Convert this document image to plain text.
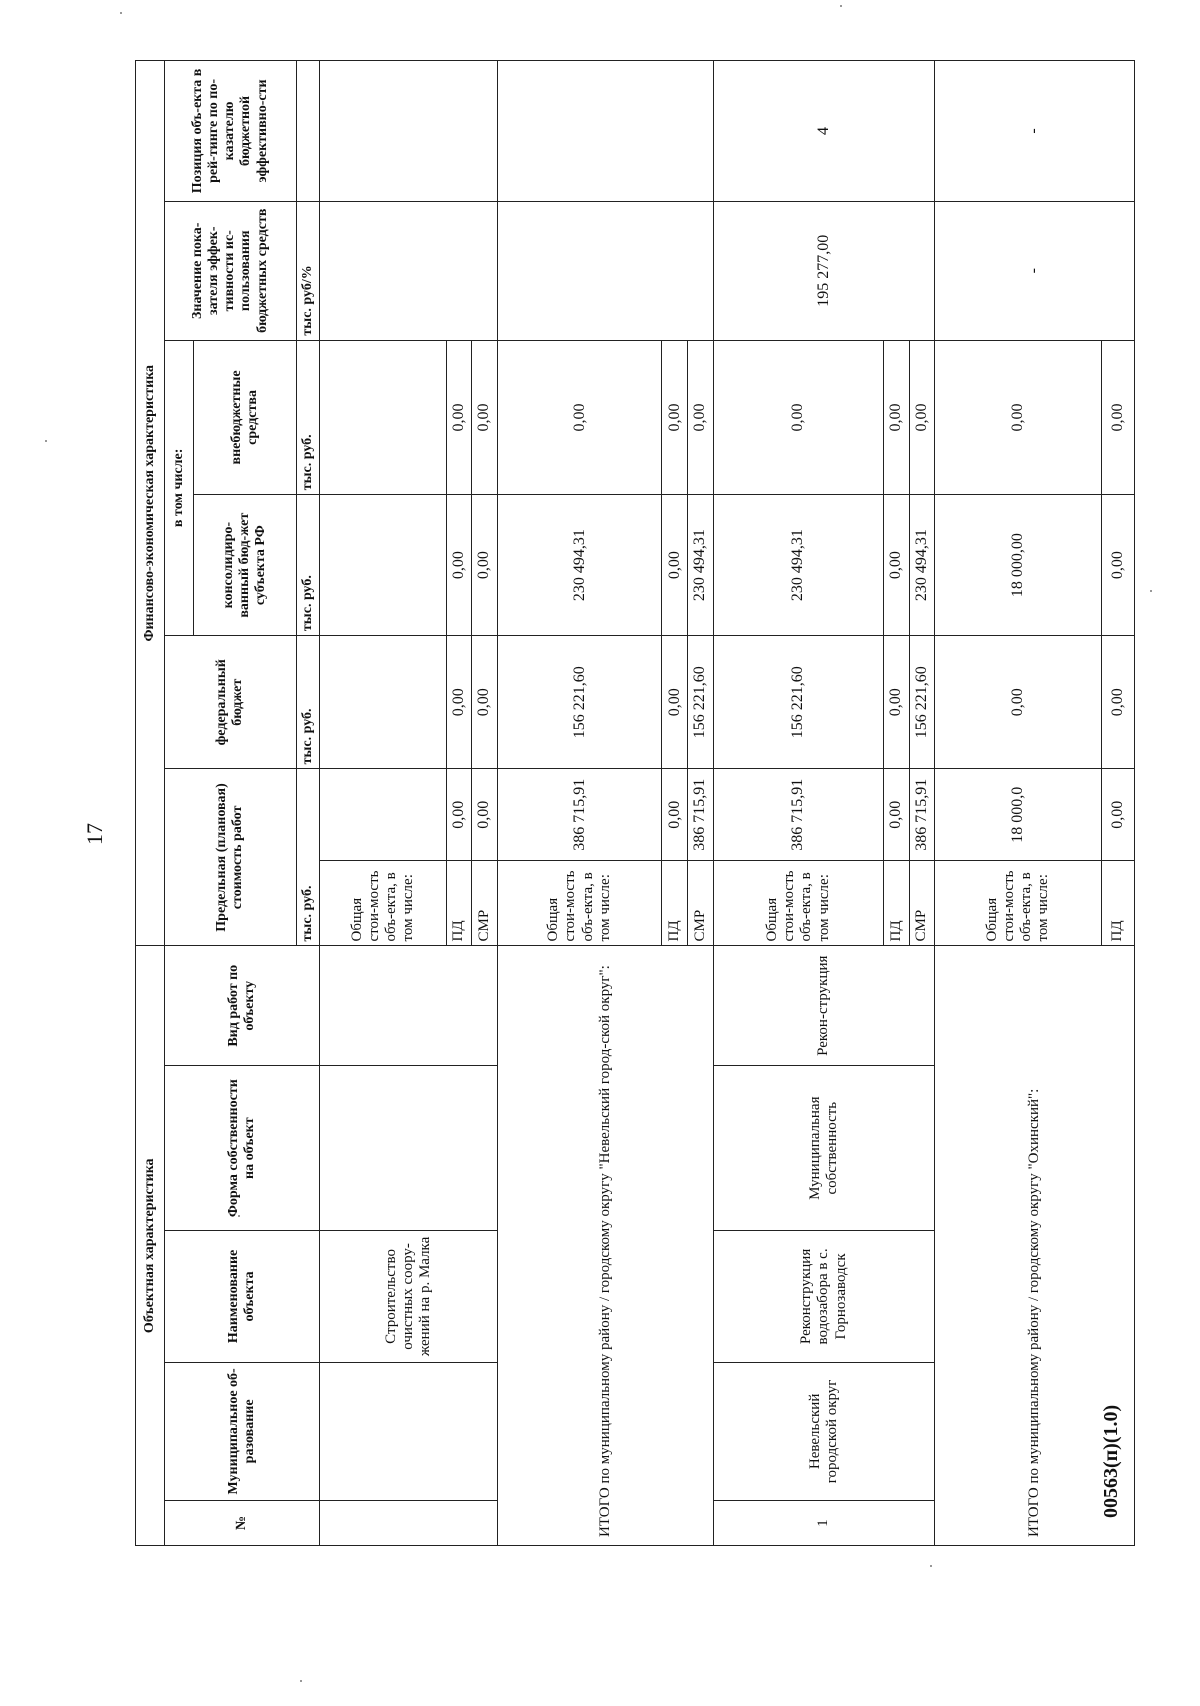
17
00563(п)(1.0)
Объектная характеристика					Финансово-экономическая характеристика						
№	Муниципальное об-разование	Наименование объекта	Форма собственности на объект	Вид работ по объекту	Предельная (плановая) стоимость работ		федеральный бюджет	в том числе:		Значение пока-зателя эффек-тивности ис-пользования бюджетных средств	Позиция объ-екта в рей-тинге по по-казателю бюджетной эффективно-сти
								консолидиро-ванный бюд-жет субъекта РФ	внебюджетные средства		
					тыс. руб.		тыс. руб.	тыс. руб.	тыс. руб.	тыс. руб/%	
		Строительство очистных соору-жений на р. Малка			Общая стои-мость объ-екта, в том числе:						
					ПД	0,00	0,00	0,00	0,00		
					СМР	0,00	0,00	0,00	0,00		
ИТОГО по муниципальному району / городскому округу "Невельский город-ской округ":					Общая стои-мость объ-екта, в том числе:	386 715,91	156 221,60	230 494,31	0,00		
					ПД	0,00	0,00	0,00	0,00		
					СМР	386 715,91	156 221,60	230 494,31	0,00		
1	Невельский городской округ	Реконструкция водозабора в с. Горнозаводск	Муниципальная собственность	Рекон-струкция	Общая стои-мость объ-екта, в том числе:	386 715,91	156 221,60	230 494,31	0,00	195 277,00	4
					ПД	0,00	0,00	0,00	0,00		
					СМР	386 715,91	156 221,60	230 494,31	0,00		
ИТОГО по муниципальному району / городскому округу "Охинский":					Общая стои-мость объ-екта, в том числе:	18 000,0	0,00	18 000,00	0,00	-	-
					ПД	0,00	0,00	0,00	0,00		
